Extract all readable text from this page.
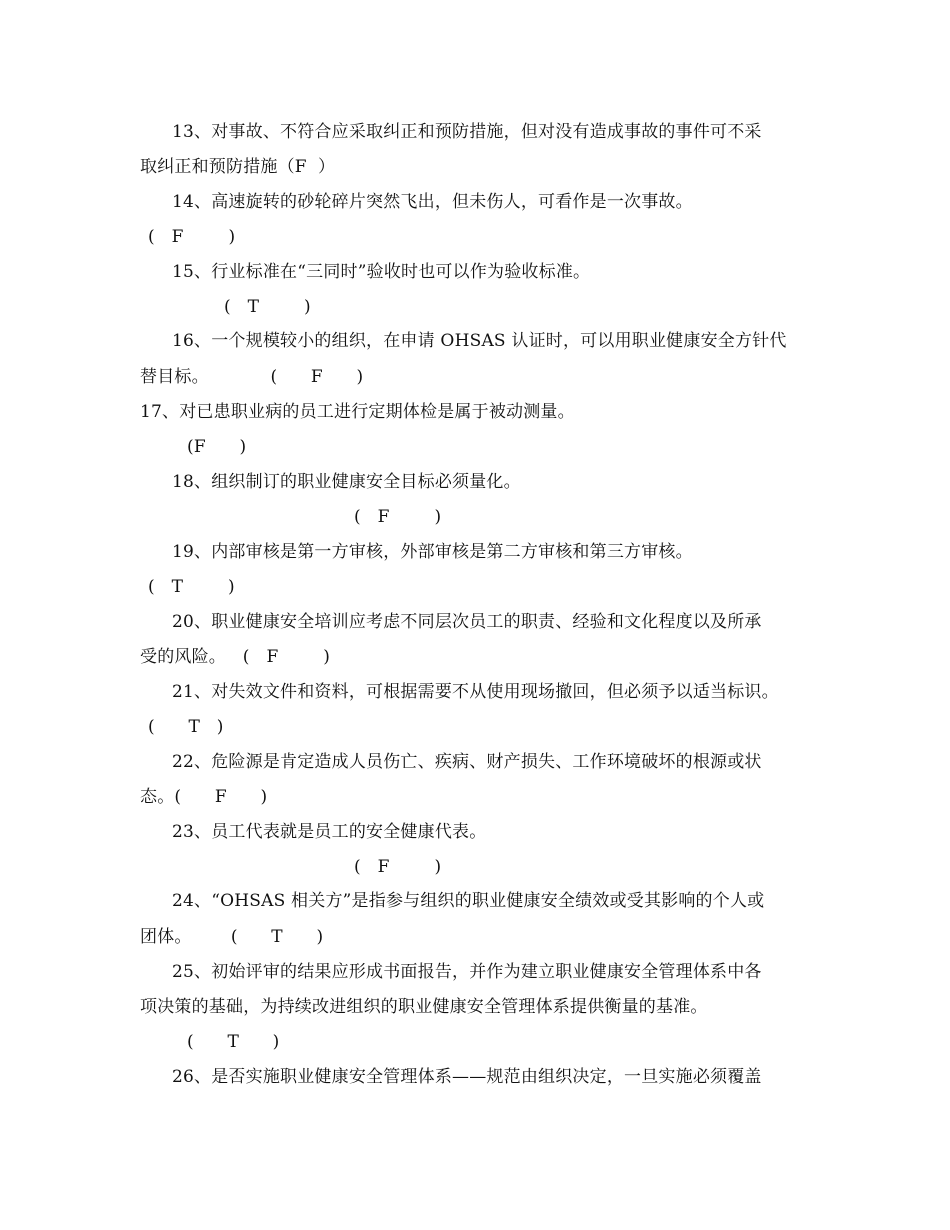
13、对事故、不符合应采取纠正和预防措施，但对没有造成事故的事件可不采
取纠正和预防措施（F  ）
14、高速旋转的砂轮碎片突然飞出，但未伤人，可看作是一次事故。
(   F        )
15、行业标准在“三同时”验收时也可以作为验收标准。
(   T        )
16、一个规模较小的组织，在申请 OHSAS 认证时，可以用职业健康安全方针代
替目标。           (      F      )
17、对已患职业病的员工进行定期体检是属于被动测量。
(F      )
18、组织制订的职业健康安全目标必须量化。
(   F        )
19、内部审核是第一方审核，外部审核是第二方审核和第三方审核。
(   T        )
20、职业健康安全培训应考虑不同层次员工的职责、经验和文化程度以及所承
受的风险。   (   F        )
21、对失效文件和资料，可根据需要不从使用现场撤回，但必须予以适当标识。
(      T   )
22、危险源是肯定造成人员伤亡、疾病、财产损失、工作环境破坏的根源或状
态。(      F      )
23、员工代表就是员工的安全健康代表。
(   F        )
24、“OHSAS 相关方”是指参与组织的职业健康安全绩效或受其影响的个人或
团体。       (      T      )
25、初始评审的结果应形成书面报告，并作为建立职业健康安全管理体系中各
项决策的基础，为持续改进组织的职业健康安全管理体系提供衡量的基准。
(      T      )
26、是否实施职业健康安全管理体系——规范由组织决定，一旦实施必须覆盖
